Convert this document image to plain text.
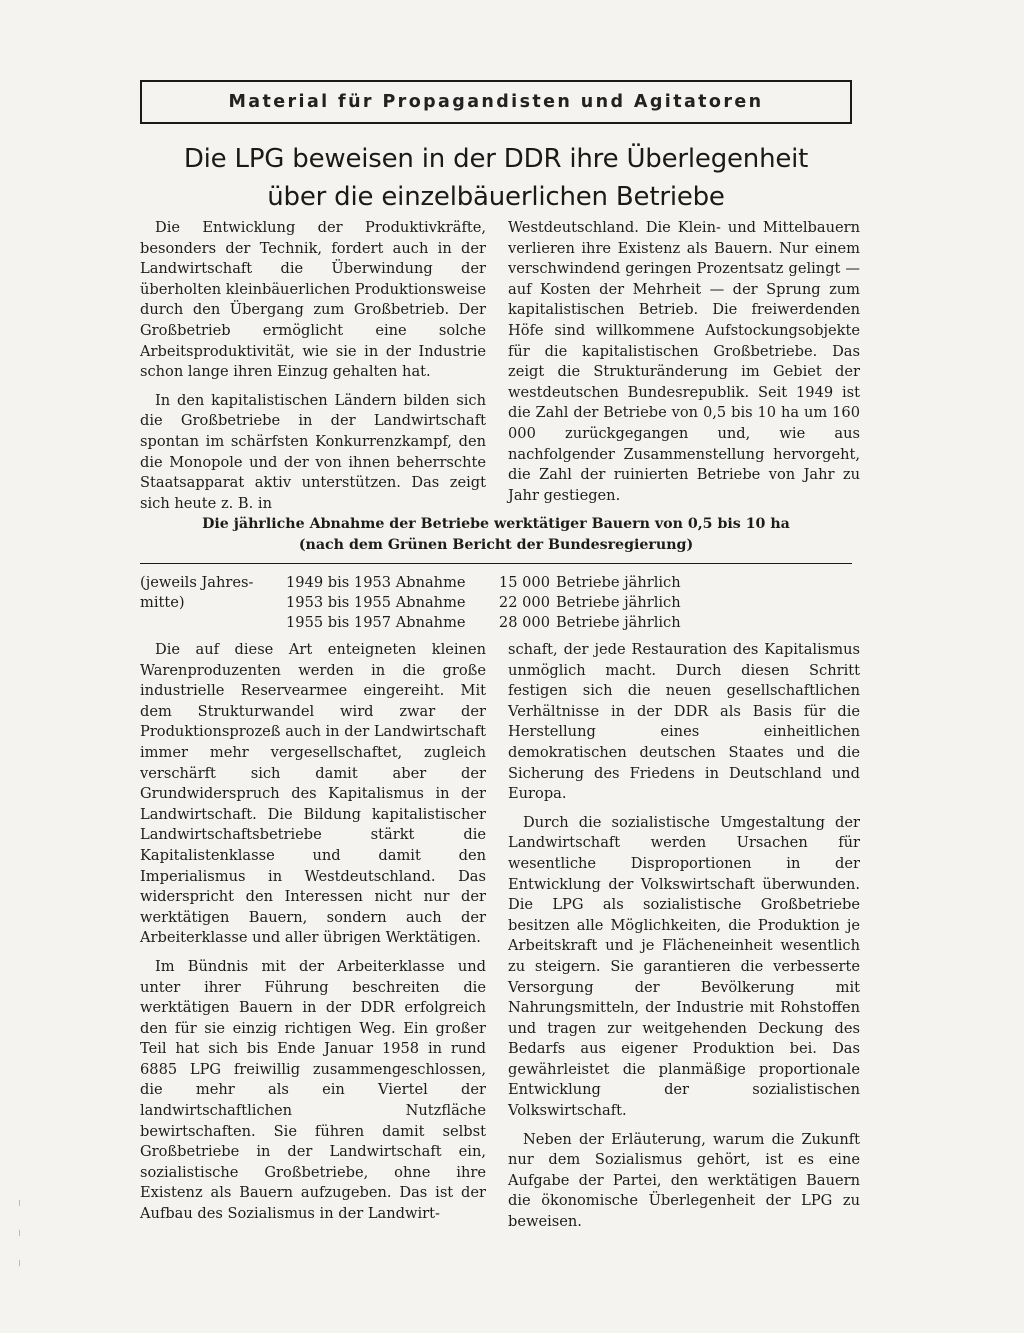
Material für Propagandisten und Agitatoren
Die LPG beweisen in der DDR ihre Überlegenheit
über die einzelbäuerlichen Betriebe

Die Entwicklung der Produktivkräfte, besonders der Technik, fordert auch in der Landwirtschaft die Überwindung der überholten kleinbäuerlichen Produktionsweise durch den Übergang zum Großbetrieb. Der Großbetrieb ermöglicht eine solche Arbeitsproduktivität, wie sie in der Industrie schon lange ihren Einzug gehalten hat.

In den kapitalistischen Ländern bilden sich die Großbetriebe in der Landwirtschaft spontan im schärfsten Konkurrenzkampf, den die Monopole und der von ihnen beherrschte Staatsapparat aktiv unterstützen. Das zeigt sich heute z. B. in

Westdeutschland. Die Klein- und Mittelbauern verlieren ihre Existenz als Bauern. Nur einem verschwindend geringen Prozentsatz gelingt — auf Kosten der Mehrheit — der Sprung zum kapitalistischen Betrieb. Die freiwerdenden Höfe sind willkommene Aufstockungsobjekte für die kapitalistischen Großbetriebe. Das zeigt die Strukturänderung im Gebiet der westdeutschen Bundesrepublik. Seit 1949 ist die Zahl der Betriebe von 0,5 bis 10 ha um 160 000 zurückgegangen und, wie aus nachfolgender Zusammenstellung hervorgeht, die Zahl der ruinierten Betriebe von Jahr zu Jahr gestiegen.

Die jährliche Abnahme der Betriebe werktätiger Bauern von 0,5 bis 10 ha
(nach dem Grünen Bericht der Bundesregierung)
(jeweils Jahres-	1949 bis 1953 Abnahme	15 000	Betriebe jährlich
mitte)	1953 bis 1955 Abnahme	22 000	Betriebe jährlich
	1955 bis 1957 Abnahme	28 000	Betriebe jährlich

Die auf diese Art enteigneten kleinen Warenproduzenten werden in die große industrielle Reservearmee eingereiht. Mit dem Strukturwandel wird zwar der Produktionsprozeß auch in der Landwirtschaft immer mehr vergesellschaftet, zugleich verschärft sich damit aber der Grundwiderspruch des Kapitalismus in der Landwirtschaft. Die Bildung kapitalistischer Landwirtschaftsbetriebe stärkt die Kapitalistenklasse und damit den Imperialismus in Westdeutschland. Das widerspricht den Interessen nicht nur der werktätigen Bauern, sondern auch der Arbeiterklasse und aller übrigen Werktätigen.

Im Bündnis mit der Arbeiterklasse und unter ihrer Führung beschreiten die werktätigen Bauern in der DDR erfolgreich den für sie einzig richtigen Weg. Ein großer Teil hat sich bis Ende Januar 1958 in rund 6885 LPG freiwillig zusammengeschlossen, die mehr als ein Viertel der landwirtschaftlichen Nutzfläche bewirtschaften. Sie führen damit selbst Großbetriebe in der Landwirtschaft ein, sozialistische Großbetriebe, ohne ihre Existenz als Bauern aufzugeben. Das ist der Aufbau des Sozialismus in der Landwirt-

schaft, der jede Restauration des Kapitalismus unmöglich macht. Durch diesen Schritt festigen sich die neuen gesellschaftlichen Verhältnisse in der DDR als Basis für die Herstellung eines einheitlichen demokratischen deutschen Staates und die Sicherung des Friedens in Deutschland und Europa.

Durch die sozialistische Umgestaltung der Landwirtschaft werden Ursachen für wesentliche Disproportionen in der Entwicklung der Volkswirtschaft überwunden. Die LPG als sozialistische Großbetriebe besitzen alle Möglichkeiten, die Produktion je Arbeitskraft und je Flächeneinheit wesentlich zu steigern. Sie garantieren die verbesserte Versorgung der Bevölkerung mit Nahrungsmitteln, der Industrie mit Rohstoffen und tragen zur weitgehenden Deckung des Bedarfs aus eigener Produktion bei. Das gewährleistet die planmäßige proportionale Entwicklung der sozialistischen Volkswirtschaft.

Neben der Erläuterung, warum die Zukunft nur dem Sozialismus gehört, ist es eine Aufgabe der Partei, den werktätigen Bauern die ökonomische Überlegenheit der LPG zu beweisen.
